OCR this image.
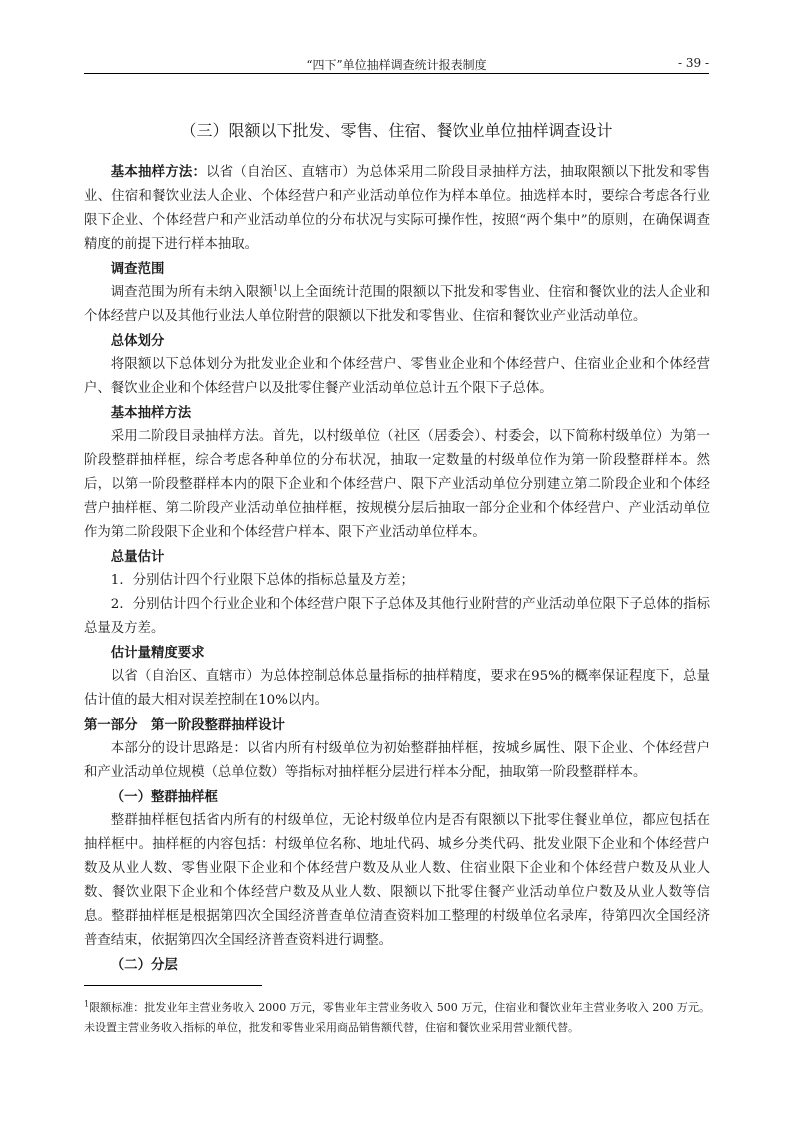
“四下”单位抽样调查统计报表制度	- 39 -
（三）限额以下批发、零售、住宿、餐饮业单位抽样调查设计

基本抽样方法：以省（自治区、直辖市）为总体采用二阶段目录抽样方法，抽取限额以下批发和零售业、住宿和餐饮业法人企业、个体经营户和产业活动单位作为样本单位。抽选样本时，要综合考虑各行业限下企业、个体经营户和产业活动单位的分布状况与实际可操作性，按照“两个集中”的原则，在确保调查精度的前提下进行样本抽取。

调查范围

调查范围为所有未纳入限额$^1$以上全面统计范围的限额以下批发和零售业、住宿和餐饮业的法人企业和个体经营户以及其他行业法人单位附营的限额以下批发和零售业、住宿和餐饮业产业活动单位。

总体划分

将限额以下总体划分为批发业企业和个体经营户、零售业企业和个体经营户、住宿业企业和个体经营户、餐饮业企业和个体经营户以及批零住餐产业活动单位总计五个限下子总体。

基本抽样方法

采用二阶段目录抽样方法。首先，以村级单位（社区（居委会）、村委会，以下简称村级单位）为第一阶段整群抽样框，综合考虑各种单位的分布状况，抽取一定数量的村级单位作为第一阶段整群样本。然后，以第一阶段整群样本内的限下企业和个体经营户、限下产业活动单位分别建立第二阶段企业和个体经营户抽样框、第二阶段产业活动单位抽样框，按规模分层后抽取一部分企业和个体经营户、产业活动单位作为第二阶段限下企业和个体经营户样本、限下产业活动单位样本。

总量估计

1．分别估计四个行业限下总体的指标总量及方差；

2．分别估计四个行业企业和个体经营户限下子总体及其他行业附营的产业活动单位限下子总体的指标总量及方差。

估计量精度要求

以省（自治区、直辖市）为总体控制总体总量指标的抽样精度，要求在95%的概率保证程度下，总量估计值的最大相对误差控制在10%以内。

第一部分　第一阶段整群抽样设计

本部分的设计思路是：以省内所有村级单位为初始整群抽样框，按城乡属性、限下企业、个体经营户和产业活动单位规模（总单位数）等指标对抽样框分层进行样本分配，抽取第一阶段整群样本。

（一）整群抽样框

整群抽样框包括省内所有的村级单位，无论村级单位内是否有限额以下批零住餐业单位，都应包括在抽样框中。抽样框的内容包括：村级单位名称、地址代码、城乡分类代码、批发业限下企业和个体经营户数及从业人数、零售业限下企业和个体经营户数及从业人数、住宿业限下企业和个体经营户数及从业人数、餐饮业限下企业和个体经营户数及从业人数、限额以下批零住餐产业活动单位户数及从业人数等信息。整群抽样框是根据第四次全国经济普查单位清查资料加工整理的村级单位名录库，待第四次全国经济普查结束，依据第四次全国经济普查资料进行调整。

（二）分层

$^1$限额标准：批发业年主营业务收入 2000 万元，零售业年主营业务收入 500 万元，住宿业和餐饮业年主营业务收入 200 万元。未设置主营业务收入指标的单位，批发和零售业采用商品销售额代替，住宿和餐饮业采用营业额代替。
